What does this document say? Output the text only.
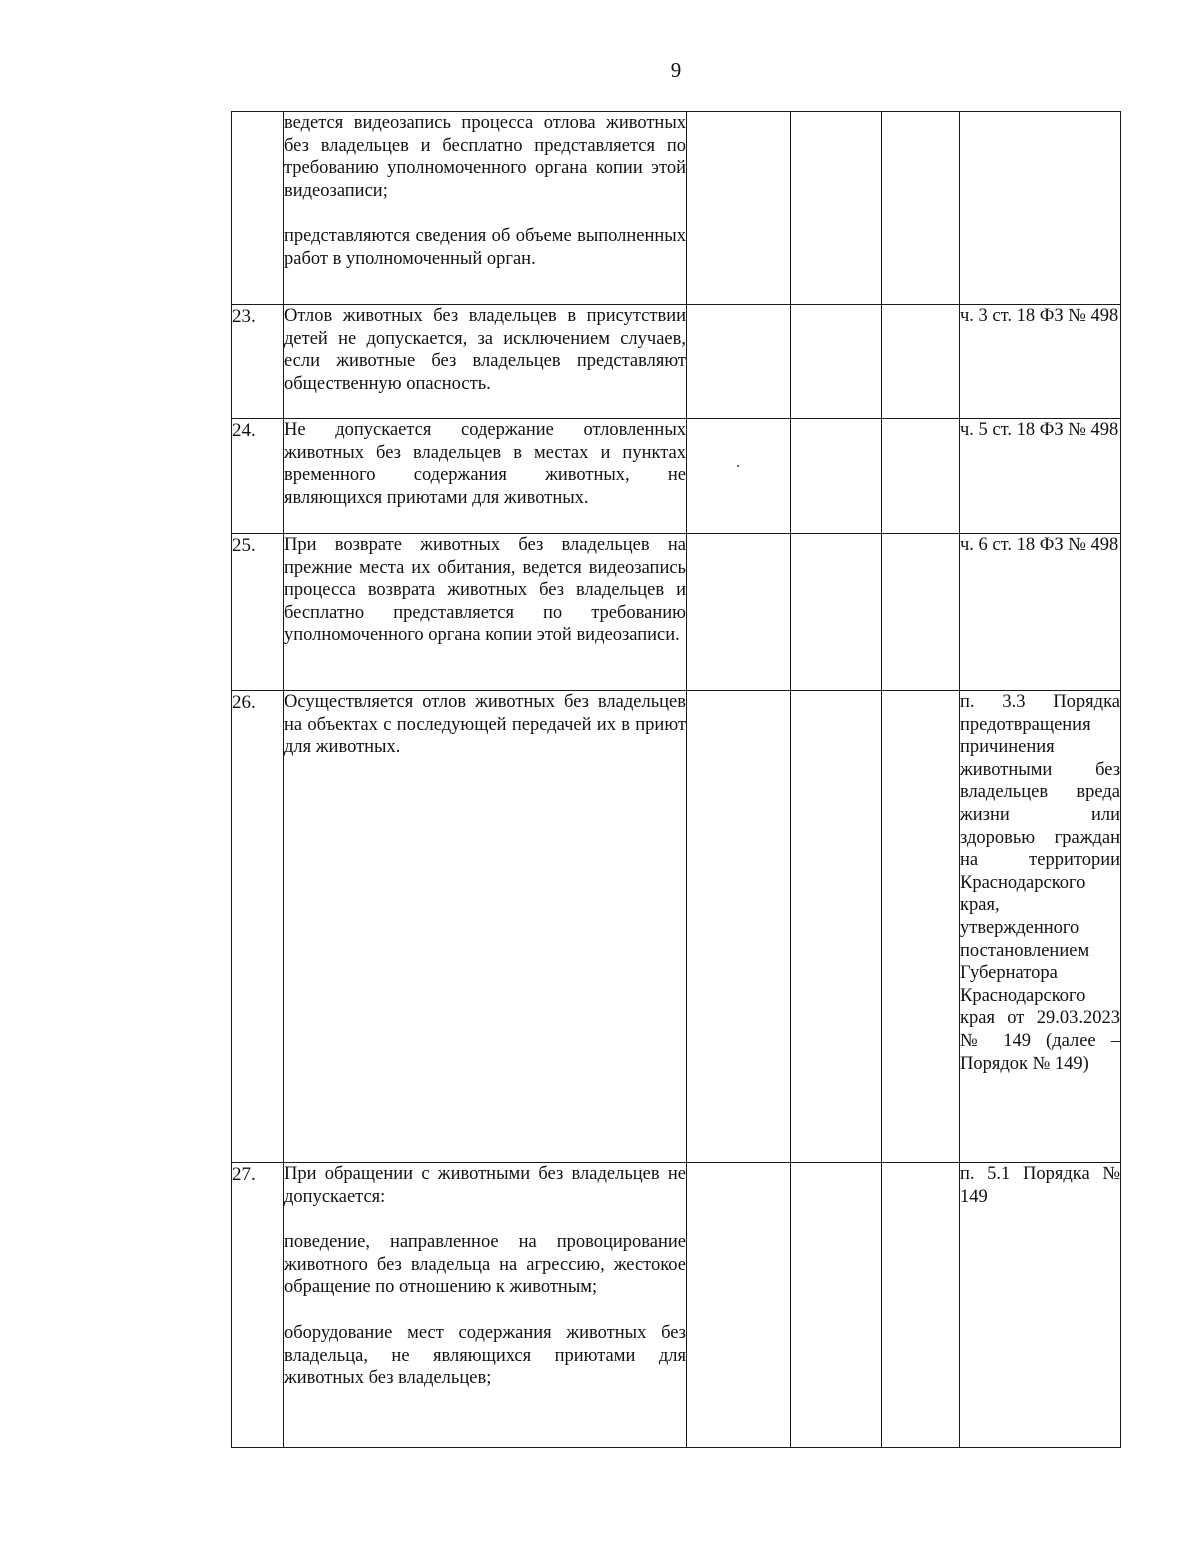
9

	ведется видеозапись процесса отлова животных без владельцев и бесплатно представляется по требованию уполномоченного органа копии этой видеозаписи;

представляются сведения об объеме выполненных работ в уполномоченный орган.				

23.	Отлов животных без владельцев в присутствии детей не допускается, за исключением случаев, если животные без владельцев представляют общественную опасность.				ч. 3 ст. 18 ФЗ № 498
24.	Не допускается содержание отловленных животных без владельцев в местах и пунктах временного содержания животных, не являющихся приютами для животных.				ч. 5 ст. 18 ФЗ № 498
25.	При возврате животных без владельцев на прежние места их обитания, ведется видеозапись процесса возврата животных без владельцев и бесплатно представляется по требованию уполномоченного органа копии этой видеозаписи.				ч. 6 ст. 18 ФЗ № 498
26.	Осуществляется отлов животных без владельцев на объектах с последующей передачей их в приют для животных.				п. 3.3 Порядка предотвращения причинения животными без владельцев вреда жизни или здоровью граждан на территории Краснодарского края, утвержденного постановлением Губернатора Краснодарского края от 29.03.2023 № 149 (далее – Порядок № 149)
27.	При обращении с животными без владельцев не допускается:

поведение, направленное на провоцирование животного без владельца на агрессию, жестокое обращение по отношению к животным;

оборудование мест содержания животных без владельца, не являющихся приютами для животных без владельцев;				п. 5.1 Порядка № 149
